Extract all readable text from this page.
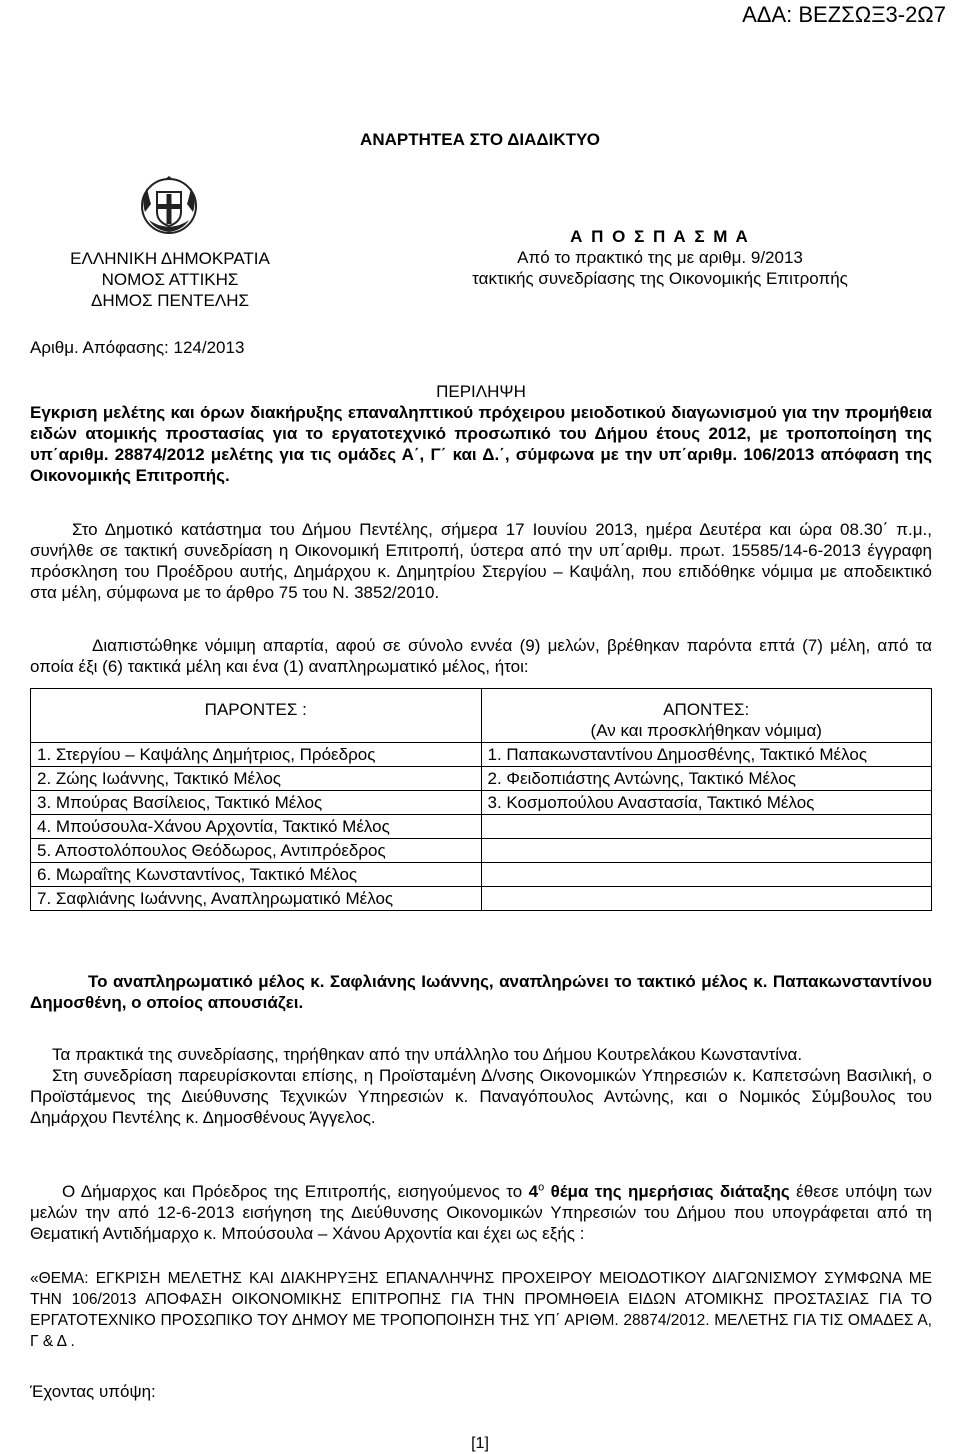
ΑΔΑ: ΒΕΖΣΩΞ3-2Ω7
ΑΝΑΡΤΗΤΕΑ ΣΤΟ ΔΙΑΔΙΚΤΥΟ
ΕΛΛΗΝΙΚΗ ΔΗΜΟΚΡΑΤΙΑ
ΝΟΜΟΣ ΑΤΤΙΚΗΣ
ΔΗΜΟΣ ΠΕΝΤΕΛΗΣ
Α Π Ο Σ Π Α Σ Μ Α
Από το πρακτικό της με αριθμ. 9/2013
τακτικής συνεδρίασης της Οικονομικής Επιτροπής
Αριθμ. Απόφασης: 124/2013
ΠΕΡΙΛΗΨΗ
Εγκριση μελέτης και όρων διακήρυξης επαναληπτικού πρόχειρου μειοδοτικού διαγωνισμού για την προμήθεια ειδών ατομικής προστασίας για το εργατοτεχνικό προσωπικό του Δήμου έτους 2012, με τροποποίηση της υπ΄αριθμ. 28874/2012 μελέτης για τις ομάδες Α΄, Γ΄ και Δ.΄, σύμφωνα με την υπ΄αριθμ. 106/2013 απόφαση της Οικονομικής Επιτροπής.
Στο Δημοτικό κατάστημα του Δήμου Πεντέλης, σήμερα 17 Ιουνίου 2013, ημέρα Δευτέρα και ώρα 08.30΄ π.μ., συνήλθε σε τακτική συνεδρίαση η Οικονομική Επιτροπή, ύστερα από την υπ΄αριθμ. πρωτ. 15585/14-6-2013 έγγραφη πρόσκληση του Προέδρου αυτής, Δημάρχου κ. Δημητρίου Στεργίου – Καψάλη, που επιδόθηκε νόμιμα με αποδεικτικό στα μέλη, σύμφωνα με το άρθρο 75 του Ν. 3852/2010.
Διαπιστώθηκε νόμιμη απαρτία, αφού σε σύνολο εννέα (9) μελών, βρέθηκαν παρόντα επτά (7) μέλη, από τα οποία έξι (6) τακτικά μέλη και ένα (1) αναπληρωματικό μέλος, ήτοι:
ΠΑΡΟΝΤΕΣ :	ΑΠΟΝΤΕΣ:
(Αν και προσκλήθηκαν νόμιμα)

1. Στεργίου – Καψάλης Δημήτριος, Πρόεδρος	1. Παπακωνσταντίνου Δημοσθένης, Τακτικό Μέλος
2. Ζώης Ιωάννης, Τακτικό Μέλος	2. Φειδοπιάστης Αντώνης, Τακτικό Μέλος
3. Μπούρας Βασίλειος, Τακτικό Μέλος	3. Κοσμοπούλου Αναστασία, Τακτικό Μέλος
4. Μπούσουλα-Χάνου Αρχοντία, Τακτικό Μέλος	
5. Αποστολόπουλος Θεόδωρος, Αντιπρόεδρος	
6. Μωραΐτης Κωνσταντίνος, Τακτικό Μέλος	
7. Σαφλιάνης Ιωάννης, Αναπληρωματικό Μέλος	
Το αναπληρωματικό μέλος κ. Σαφλιάνης Ιωάννης, αναπληρώνει το τακτικό μέλος κ. Παπακωνσταντίνου Δημοσθένη, ο οποίος απουσιάζει.
Τα πρακτικά της συνεδρίασης, τηρήθηκαν από την υπάλληλο του Δήμου Κουτρελάκου Κωνσταντίνα.
Στη συνεδρίαση παρευρίσκονται επίσης, η Προϊσταμένη Δ/νσης Οικονομικών Υπηρεσιών κ. Καπετσώνη Βασιλική, ο Προϊστάμενος της Διεύθυνσης Τεχνικών Υπηρεσιών κ. Παναγόπουλος Αντώνης, και ο Νομικός Σύμβουλος του Δημάρχου Πεντέλης κ. Δημοσθένους Άγγελος.
Ο Δήμαρχος και Πρόεδρος της Επιτροπής, εισηγούμενος το $4^o$ θέμα της ημερήσιας διάταξης έθεσε υπόψη των μελών την από 12-6-2013 εισήγηση της Διεύθυνσης Οικονομικών Υπηρεσιών του Δήμου που υπογράφεται από τη Θεματική Αντιδήμαρχο κ. Μπούσουλα – Χάνου Αρχοντία και έχει ως εξής :
«ΘΕΜΑ: ΕΓΚΡΙΣΗ ΜΕΛΕΤΗΣ ΚΑΙ ΔΙΑΚΗΡΥΞΗΣ ΕΠΑΝΑΛΗΨΗΣ ΠΡΟΧΕΙΡΟΥ ΜΕΙΟΔΟΤΙΚΟΥ ΔΙΑΓΩΝΙΣΜΟΥ ΣΥΜΦΩΝΑ ΜΕ ΤΗΝ 106/2013 ΑΠΟΦΑΣΗ ΟΙΚΟΝΟΜΙΚΗΣ ΕΠΙΤΡΟΠΗΣ ΓΙΑ ΤΗΝ ΠΡΟΜΗΘΕΙΑ ΕΙΔΩΝ ΑΤΟΜΙΚΗΣ ΠΡΟΣΤΑΣΙΑΣ ΓΙΑ ΤΟ ΕΡΓΑΤΟΤΕΧΝΙΚΟ ΠΡΟΣΩΠΙΚΟ ΤΟΥ ΔΗΜΟΥ ΜΕ ΤΡΟΠΟΠΟΙΗΣΗ ΤΗΣ ΥΠ΄ ΑΡΙΘΜ. 28874/2012. ΜΕΛΕΤΗΣ ΓΙΑ ΤΙΣ ΟΜΑΔΕΣ Α, Γ & Δ .
Έχοντας υπόψη:
[1]
